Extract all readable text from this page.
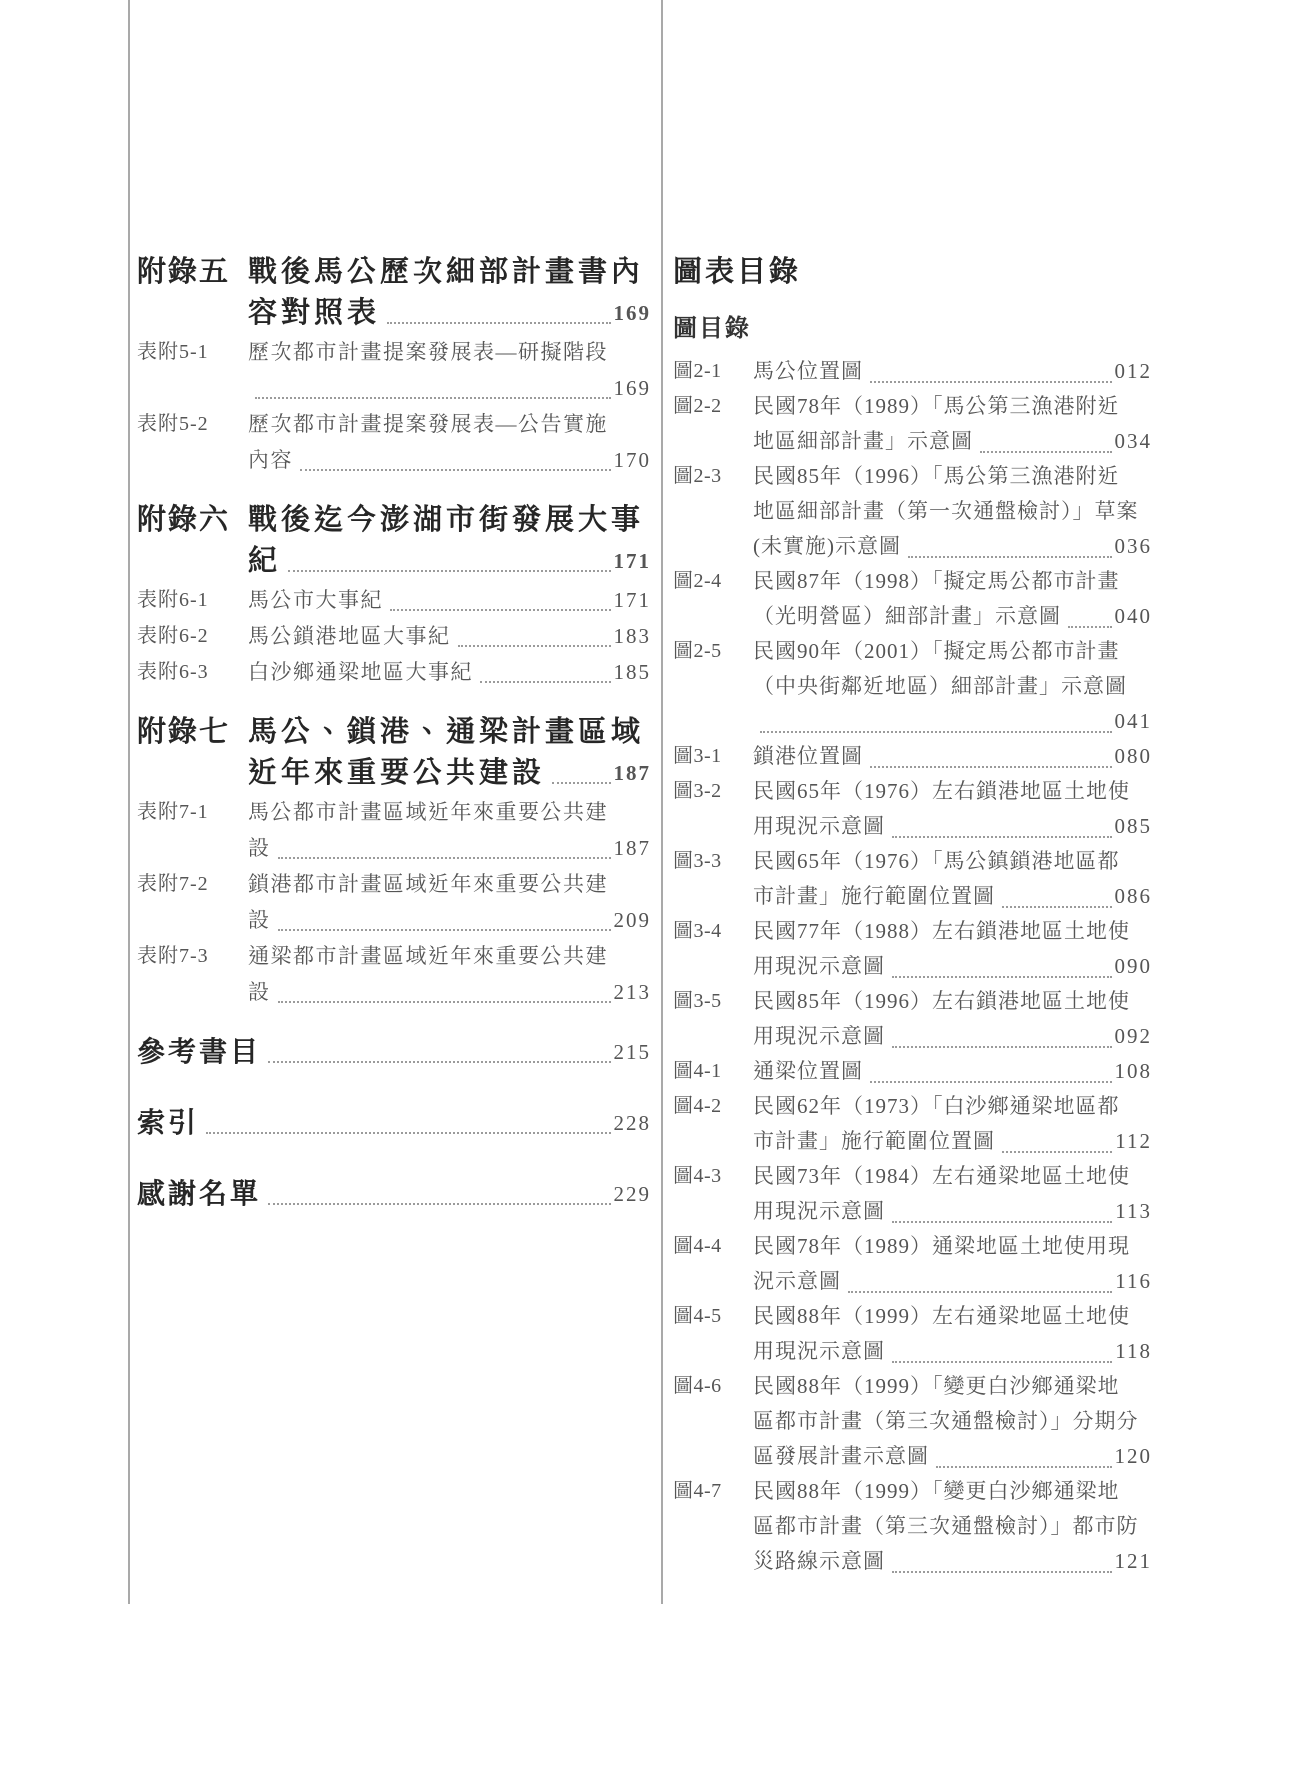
附錄五 戰後馬公歷次細部計畫書內
容對照表	169
表附5-1	歷次都市計畫提案發展表—研擬階段
169
表附5-2	歷次都市計畫提案發展表—公告實施
內容	170
附錄六 戰後迄今澎湖市街發展大事
紀	171
表附6-1	馬公市大事紀	171
表附6-2	馬公鎖港地區大事紀	183
表附6-3	白沙鄉通梁地區大事紀	185
附錄七 馬公、鎖港、通梁計畫區域
近年來重要公共建設	187
表附7-1	馬公都市計畫區域近年來重要公共建
設	187
表附7-2	鎖港都市計畫區域近年來重要公共建
設	209
表附7-3	通梁都市計畫區域近年來重要公共建
設	213
參考書目	215
索引	228
感謝名單	229
圖表目錄
圖目錄
圖2-1	馬公位置圖	012
圖2-2	民國78年（1989）「馬公第三漁港附近
地區細部計畫」示意圖	034
圖2-3	民國85年（1996）「馬公第三漁港附近
地區細部計畫（第一次通盤檢討）」草案
(未實施)示意圖	036
圖2-4	民國87年（1998）「擬定馬公都市計畫
（光明營區）細部計畫」示意圖	040
圖2-5	民國90年（2001）「擬定馬公都市計畫
（中央街鄰近地區）細部計畫」示意圖
041
圖3-1	鎖港位置圖	080
圖3-2	民國65年（1976）左右鎖港地區土地使
用現況示意圖	085
圖3-3	民國65年（1976）「馬公鎮鎖港地區都
市計畫」施行範圍位置圖	086
圖3-4	民國77年（1988）左右鎖港地區土地使
用現況示意圖	090
圖3-5	民國85年（1996）左右鎖港地區土地使
用現況示意圖	092
圖4-1	通梁位置圖	108
圖4-2	民國62年（1973）「白沙鄉通梁地區都
市計畫」施行範圍位置圖	112
圖4-3	民國73年（1984）左右通梁地區土地使
用現況示意圖	113
圖4-4	民國78年（1989）通梁地區土地使用現
況示意圖	116
圖4-5	民國88年（1999）左右通梁地區土地使
用現況示意圖	118
圖4-6	民國88年（1999）「變更白沙鄉通梁地
區都市計畫（第三次通盤檢討）」分期分
區發展計畫示意圖	120
圖4-7	民國88年（1999）「變更白沙鄉通梁地
區都市計畫（第三次通盤檢討）」都市防
災路線示意圖	121
